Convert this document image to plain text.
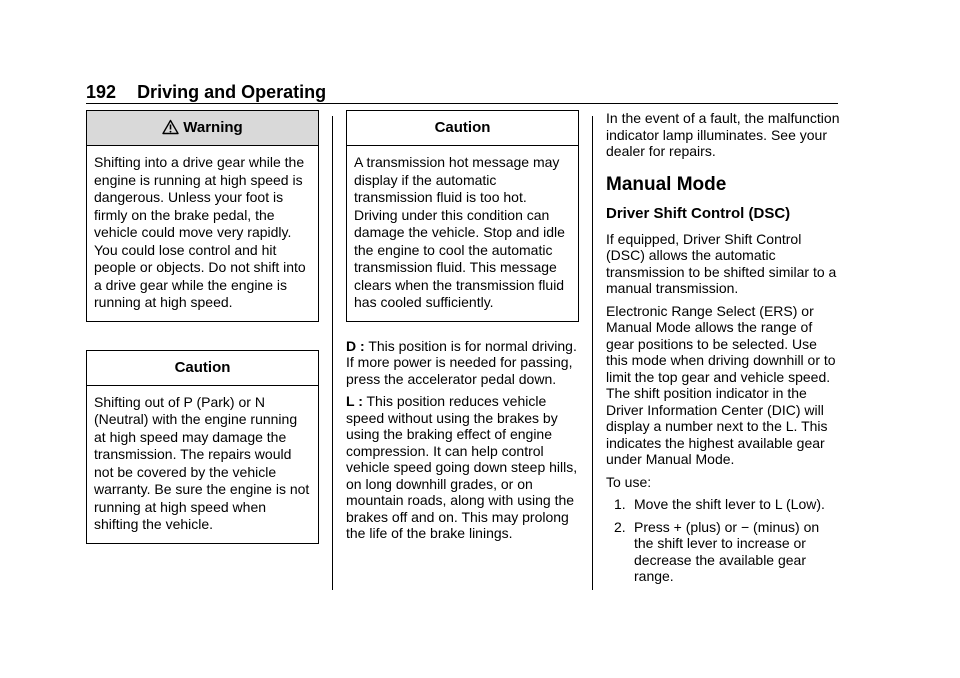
192 Driving and Operating
Warning
Shifting into a drive gear while the engine is running at high speed is dangerous. Unless your foot is firmly on the brake pedal, the vehicle could move very rapidly. You could lose control and hit people or objects. Do not shift into a drive gear while the engine is running at high speed.
Caution
Shifting out of P (Park) or N (Neutral) with the engine running at high speed may damage the transmission. The repairs would not be covered by the vehicle warranty. Be sure the engine is not running at high speed when shifting the vehicle.
Caution
A transmission hot message may display if the automatic transmission fluid is too hot. Driving under this condition can damage the vehicle. Stop and idle the engine to cool the automatic transmission fluid. This message clears when the transmission fluid has cooled sufficiently.

D : This position is for normal driving. If more power is needed for passing, press the accelerator pedal down.

L : This position reduces vehicle speed without using the brakes by using the braking effect of engine compression. It can help control vehicle speed going down steep hills, on long downhill grades, or on mountain roads, along with using the brakes off and on. This may prolong the life of the brake linings.

In the event of a fault, the malfunction indicator lamp illuminates. See your dealer for repairs.

Manual Mode
Driver Shift Control (DSC)

If equipped, Driver Shift Control (DSC) allows the automatic transmission to be shifted similar to a manual transmission.

Electronic Range Select (ERS) or Manual Mode allows the range of gear positions to be selected. Use this mode when driving downhill or to limit the top gear and vehicle speed. The shift position indicator in the Driver Information Center (DIC) will display a number next to the L. This indicates the highest available gear under Manual Mode.

To use:

1. Move the shift lever to L (Low).
2. Press + (plus) or − (minus) on the shift lever to increase or decrease the available gear range.
